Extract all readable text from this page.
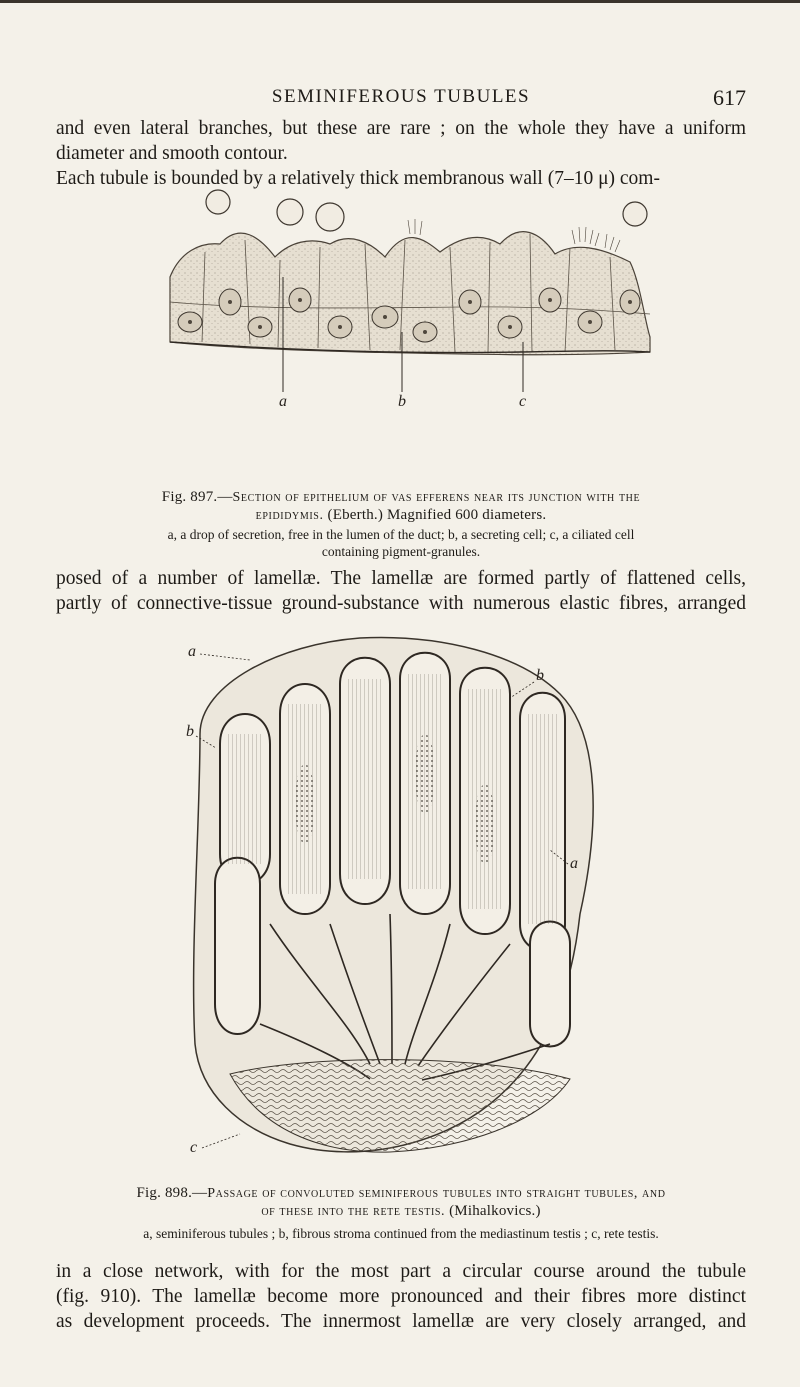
SEMINIFEROUS TUBULES	617
and even lateral branches, but these are rare ; on the whole they have a uniform
diameter and smooth contour.
Each tubule is bounded by a relatively thick membranous wall (7–10 μ) com-
a	b	c
Fig. 897.—Section of epithelium of vas efferens near its junction with the
epididymis. (Eberth.) Magnified 600 diameters.
a, a drop of secretion, free in the lumen of the duct; b, a secreting cell; c, a ciliated cell
containing pigment-granules.
posed of a number of lamellæ. The lamellæ are formed partly of flattened cells,
partly of connective-tissue ground-substance with numerous elastic fibres, arranged
a
b
b
a
c
Fig. 898.—Passage of convoluted seminiferous tubules into straight tubules, and
of these into the rete testis. (Mihalkovics.)
a, seminiferous tubules ; b, fibrous stroma continued from the mediastinum testis ; c, rete testis.
in a close network, with for the most part a circular course around the tubule
(fig. 910). The lamellæ become more pronounced and their fibres more distinct
as development proceeds. The innermost lamellæ are very closely arranged, and
